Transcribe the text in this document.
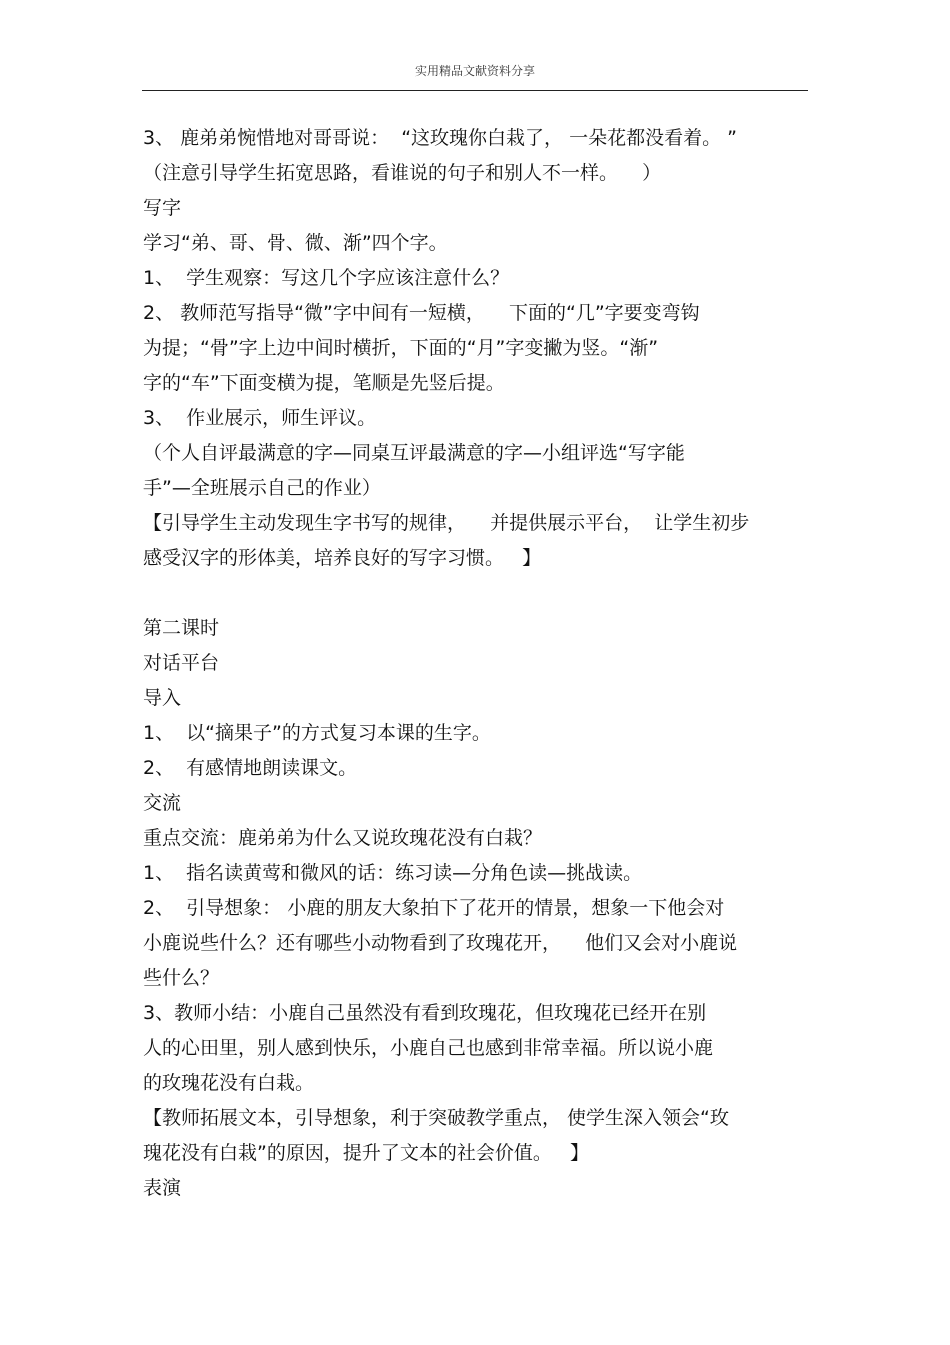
实用精品文献资料分享
3、 鹿弟弟惋惜地对哥哥说：  “这玫瑰你白栽了， 一朵花都没看着。 ”
（注意引导学生拓宽思路，看谁说的句子和别人不一样。    ）
写字
学习“弟、哥、骨、微、渐”四个字。
1、  学生观察：写这几个字应该注意什么？
2、 教师范写指导“微”字中间有一短横，    下面的“几”字要变弯钩
为提；“骨”字上边中间时横折，下面的“月”字变撇为竖。“渐”
字的“车”下面变横为提，笔顺是先竖后提。
3、  作业展示，师生评议。
（个人自评最满意的字—同桌互评最满意的字—小组评选“写字能
手”—全班展示自己的作业）
【引导学生主动发现生字书写的规律，    并提供展示平台，  让学生初步
感受汉字的形体美，培养良好的写字习惯。   】
第二课时
对话平台
导入
1、  以“摘果子”的方式复习本课的生字。
2、  有感情地朗读课文。
交流
重点交流：鹿弟弟为什么又说玫瑰花没有白栽？
1、  指名读黄莺和微风的话：练习读—分角色读—挑战读。
2、  引导想象： 小鹿的朋友大象拍下了花开的情景，想象一下他会对
小鹿说些什么？还有哪些小动物看到了玫瑰花开，    他们又会对小鹿说
些什么？
3、教师小结：小鹿自己虽然没有看到玫瑰花，但玫瑰花已经开在别
人的心田里，别人感到快乐，小鹿自己也感到非常幸福。所以说小鹿
的玫瑰花没有白栽。
【教师拓展文本，引导想象，利于突破教学重点， 使学生深入领会“玫
瑰花没有白栽”的原因，提升了文本的社会价值。   】
表演
